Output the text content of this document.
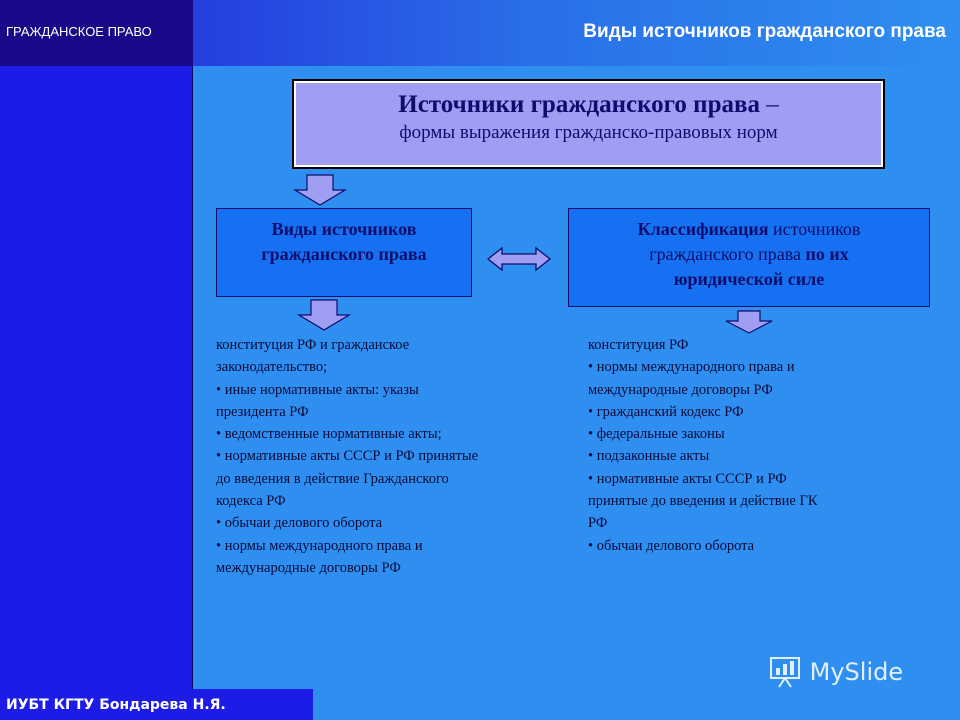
ГРАЖДАНСКОЕ ПРАВО	Виды источников гражданского права
Источники гражданского права –
формы выражения гражданско-правовых норм
Виды источников
гражданского права
Классификация источников
гражданского права по их
юридической силе
конституция РФ и гражданское
законодательство;
• иные нормативные акты: указы
президента РФ
• ведомственные нормативные акты;
• нормативные акты СССР и РФ принятые
до введения в действие Гражданского
кодекса РФ
• обычаи делового оборота
• нормы международного права и
международные договоры РФ
конституция РФ
• нормы международного права и
международные договоры РФ
• гражданский кодекс РФ
• федеральные законы
• подзаконные акты
• нормативные акты СССР и РФ
принятые до введения и действие ГК
РФ
• обычаи делового оборота
ИУБТ КГТУ Бондарева Н.Я.
MySlide
